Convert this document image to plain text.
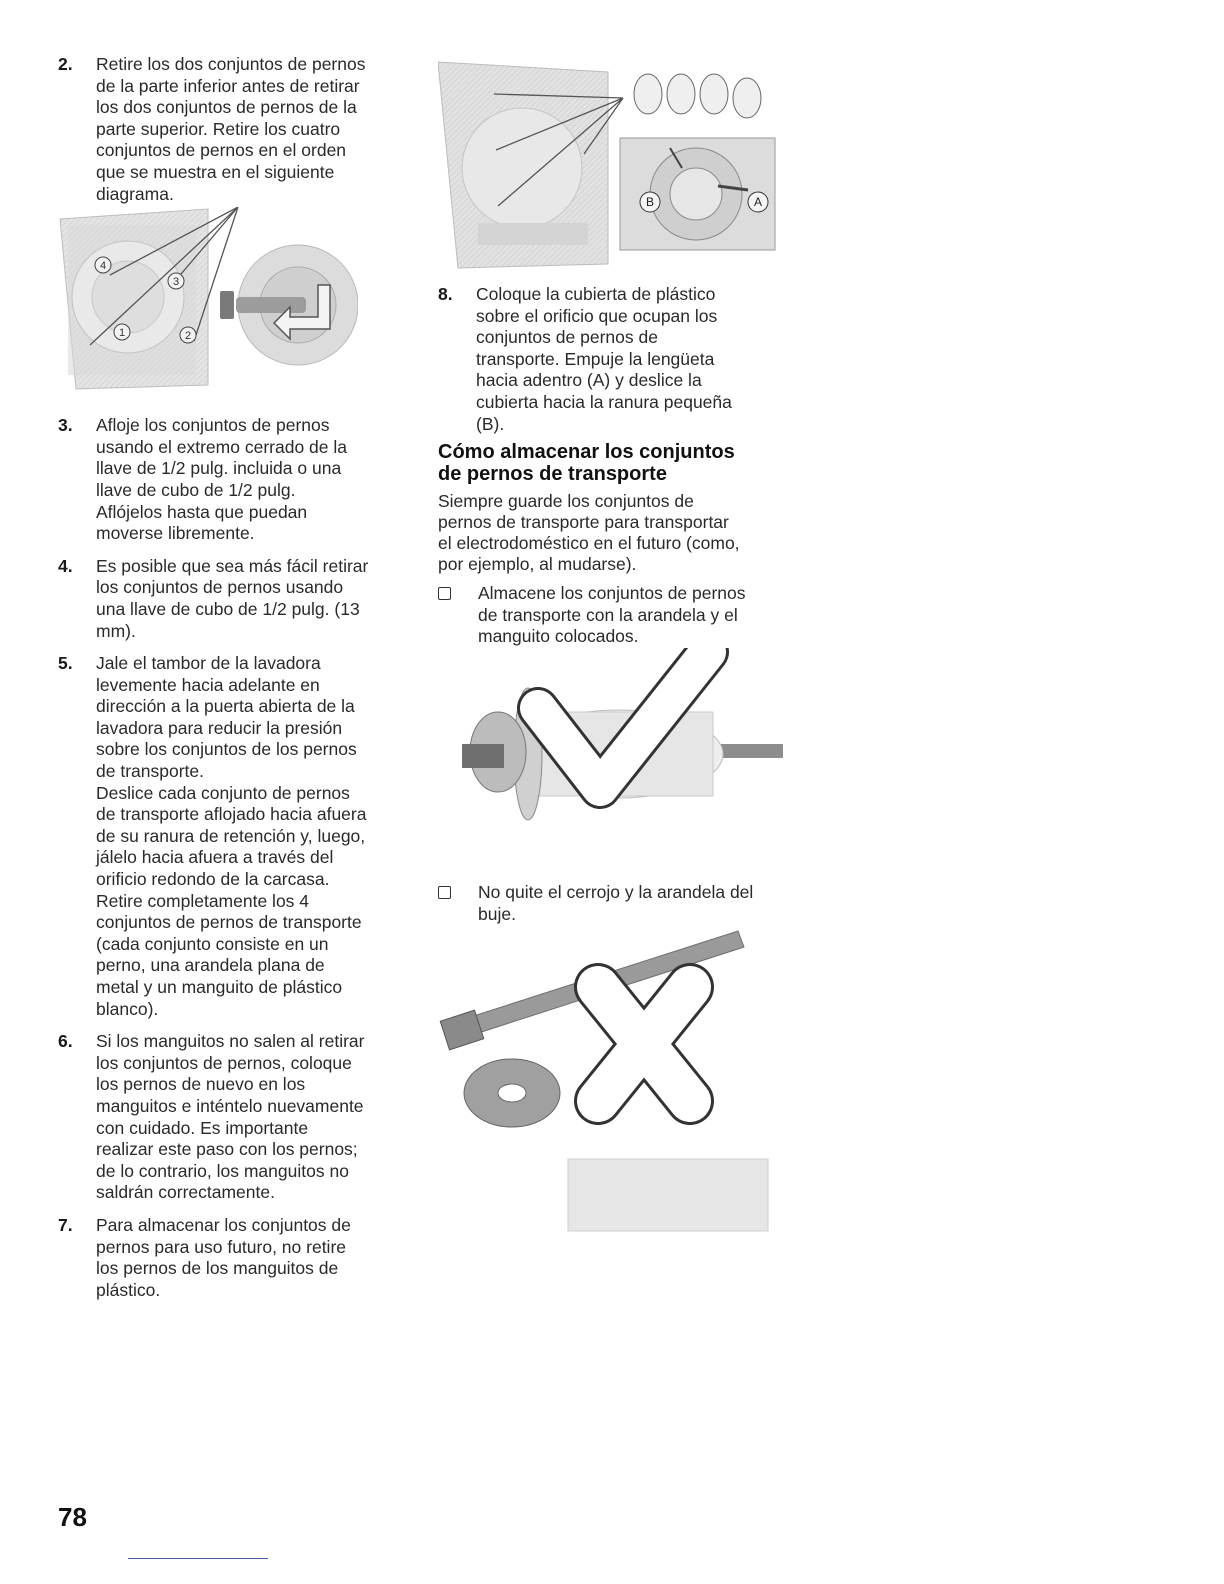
2.	Retire los dos conjuntos de pernos
de la parte inferior antes de retirar
los dos conjuntos de pernos de la
parte superior. Retire los cuatro
conjuntos de pernos en el orden
que se muestra en el siguiente
diagrama.
4
3
1	2
3.	Afloje los conjuntos de pernos
usando el extremo cerrado de la
llave de 1/2 pulg. incluida o una
llave de cubo de 1/2 pulg.
Aflójelos hasta que puedan
moverse libremente.
4.	Es posible que sea más fácil retirar
los conjuntos de pernos usando
una llave de cubo de 1/2 pulg. (13
mm).
5.	Jale el tambor de la lavadora
levemente hacia adelante en
dirección a la puerta abierta de la
lavadora para reducir la presión
sobre los conjuntos de los pernos
de transporte.
Deslice cada conjunto de pernos
de transporte aflojado hacia afuera
de su ranura de retención y, luego,
jálelo hacia afuera a través del
orificio redondo de la carcasa.
Retire completamente los 4
conjuntos de pernos de transporte
(cada conjunto consiste en un
perno, una arandela plana de
metal y un manguito de plástico
blanco).
6.	Si los manguitos no salen al retirar
los conjuntos de pernos, coloque
los pernos de nuevo en los
manguitos e inténtelo nuevamente
con cuidado. Es importante
realizar este paso con los pernos;
de lo contrario, los manguitos no
saldrán correctamente.
7.	Para almacenar los conjuntos de
pernos para uso futuro, no retire
los pernos de los manguitos de
plástico.
B	A
8.	Coloque la cubierta de plástico
sobre el orificio que ocupan los
conjuntos de pernos de
transporte. Empuje la lengüeta
hacia adentro (A) y deslice la
cubierta hacia la ranura pequeña
(B).
Cómo almacenar los conjuntos
de pernos de transporte
Siempre guarde los conjuntos de
pernos de transporte para transportar
el electrodoméstico en el futuro (como,
por ejemplo, al mudarse).
Almacene los conjuntos de pernos
de transporte con la arandela y el
manguito colocados.
No quite el cerrojo y la arandela del
buje.
78
